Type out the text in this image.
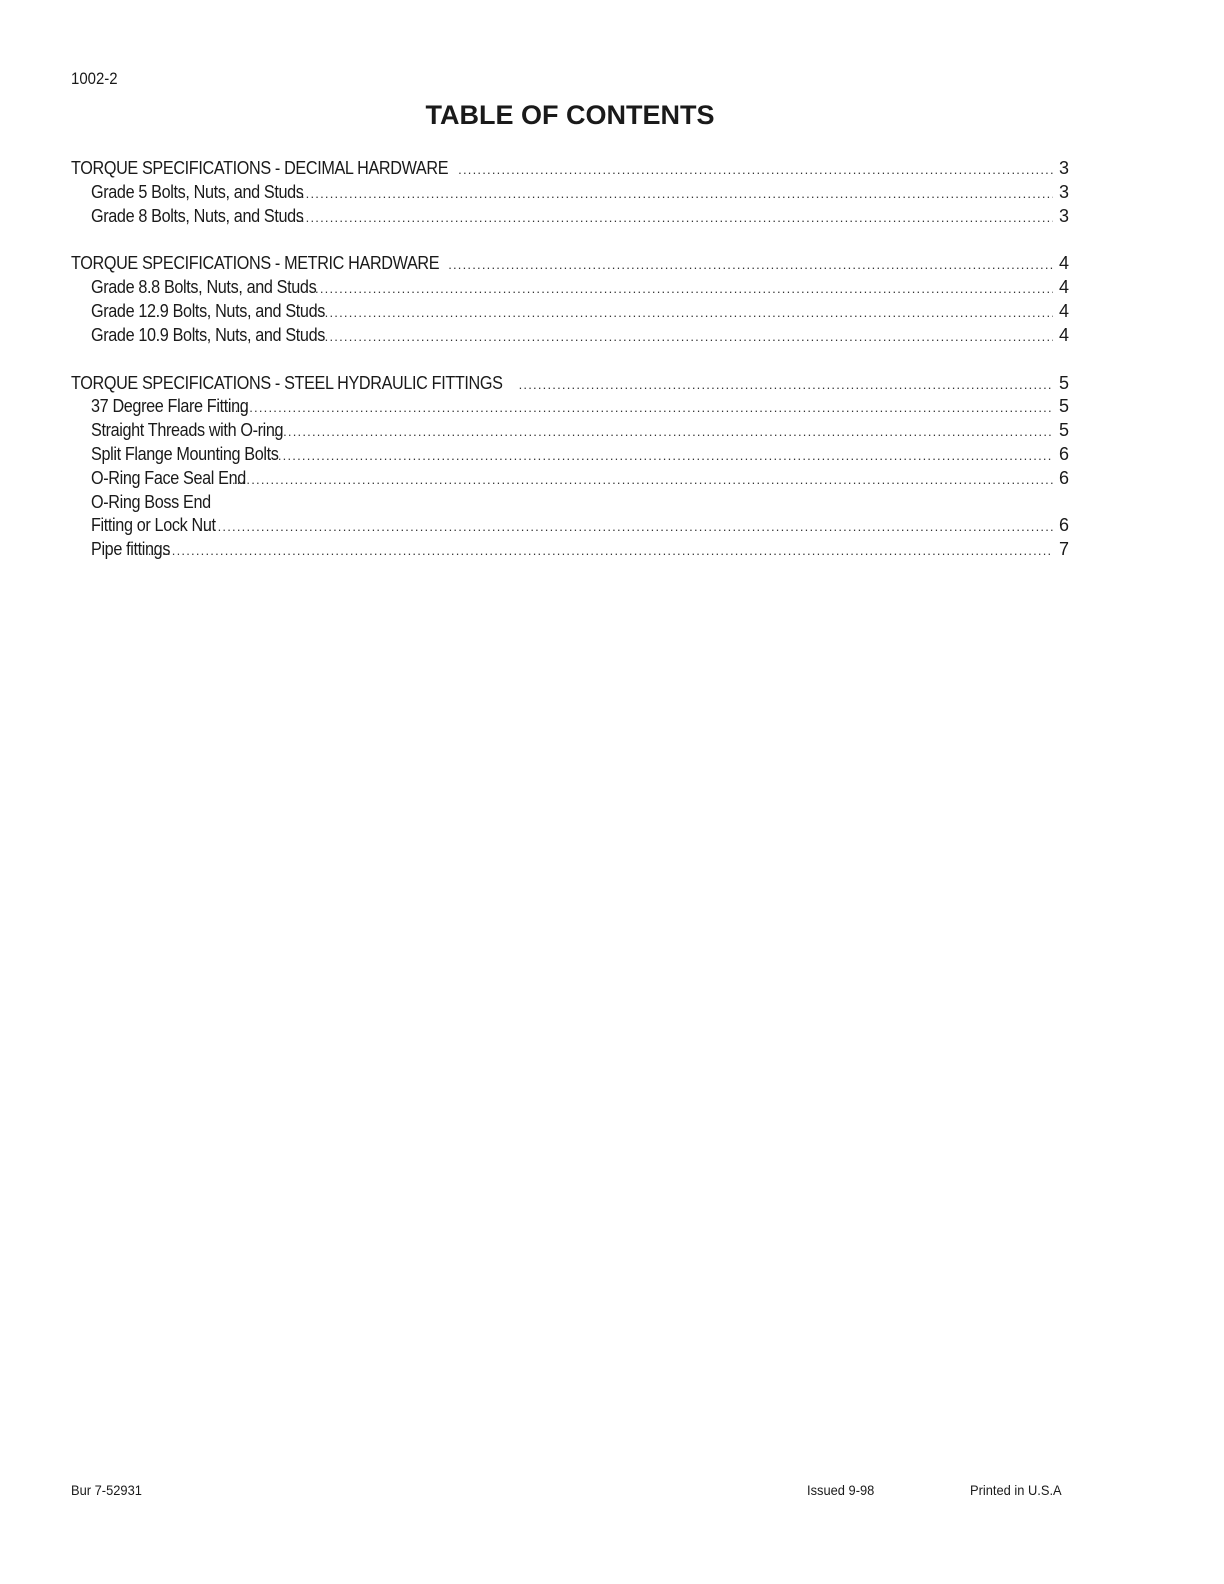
1002-2
TABLE OF CONTENTS
TORQUE SPECIFICATIONS - DECIMAL HARDWARE .....	3
Grade 5 Bolts, Nuts, and Studs .....	3
Grade 8 Bolts, Nuts, and Studs .....	3
TORQUE SPECIFICATIONS - METRIC HARDWARE .....	4
Grade 8.8 Bolts, Nuts, and Studs .....	4
Grade 12.9 Bolts, Nuts, and Studs .....	4
Grade 10.9 Bolts, Nuts, and Studs .....	4
TORQUE SPECIFICATIONS - STEEL HYDRAULIC FITTINGS .....	5
37 Degree Flare Fitting .....	5
Straight Threads with O-ring .....	5
Split Flange Mounting Bolts .....	6
O-Ring Face Seal End .....	6
O-Ring Boss End
Fitting or Lock Nut .....	6
Pipe fittings .....	7
Bur 7-52931	Issued 9-98	Printed in U.S.A
